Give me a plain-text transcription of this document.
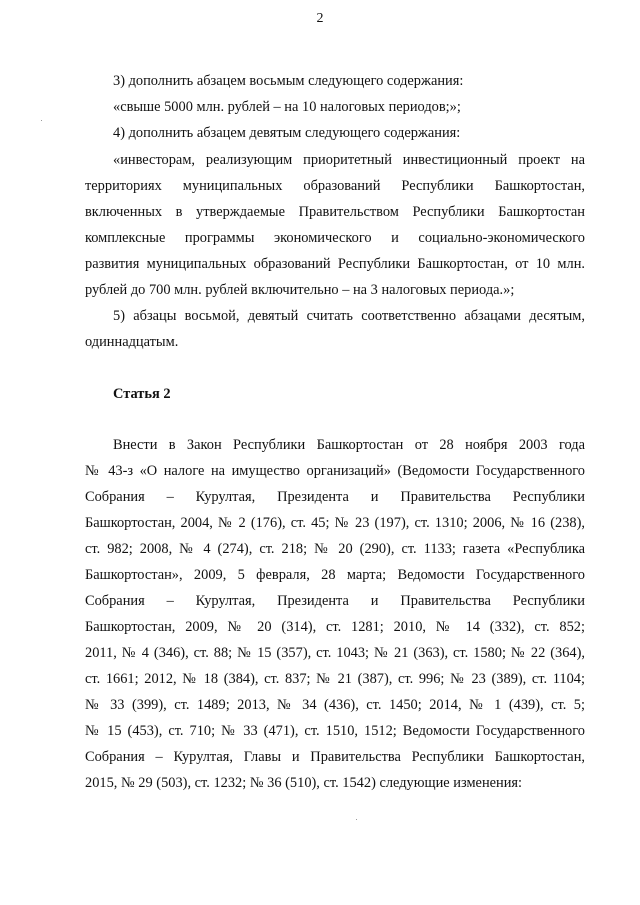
2
3) дополнить абзацем восьмым следующего содержания:
«свыше 5000 млн. рублей – на 10 налоговых периодов;»;
4) дополнить абзацем девятым следующего содержания:
«инвесторам, реализующим приоритетный инвестиционный проект на
территориях муниципальных образований Республики Башкортостан,
включенных в утверждаемые Правительством Республики Башкортостан
комплексные программы экономического и социально-экономического
развития муниципальных образований Республики Башкортостан, от 10 млн.
рублей до 700 млн. рублей включительно – на 3 налоговых периода.»;
5) абзацы восьмой, девятый считать соответственно абзацами десятым,
одиннадцатым.
Статья 2
Внести в Закон Республики Башкортостан от 28 ноября 2003 года
№ 43-з «О налоге на имущество организаций» (Ведомости Государственного
Собрания – Курултая, Президента и Правительства Республики
Башкортостан, 2004, № 2 (176), ст. 45; № 23 (197), ст. 1310; 2006, № 16 (238),
ст. 982; 2008, № 4 (274), ст. 218; № 20 (290), ст. 1133; газета «Республика
Башкортостан», 2009, 5 февраля, 28 марта; Ведомости Государственного
Собрания – Курултая, Президента и Правительства Республики
Башкортостан, 2009, № 20 (314), ст. 1281; 2010, № 14 (332), ст. 852;
2011, № 4 (346), ст. 88; № 15 (357), ст. 1043; № 21 (363), ст. 1580; № 22 (364),
ст. 1661; 2012, № 18 (384), ст. 837; № 21 (387), ст. 996; № 23 (389), ст. 1104;
№ 33 (399), ст. 1489; 2013, № 34 (436), ст. 1450; 2014, № 1 (439), ст. 5;
№ 15 (453), ст. 710; № 33 (471), ст. 1510, 1512; Ведомости Государственного
Собрания – Курултая, Главы и Правительства Республики Башкортостан,
2015, № 29 (503), ст. 1232; № 36 (510), ст. 1542) следующие изменения:
